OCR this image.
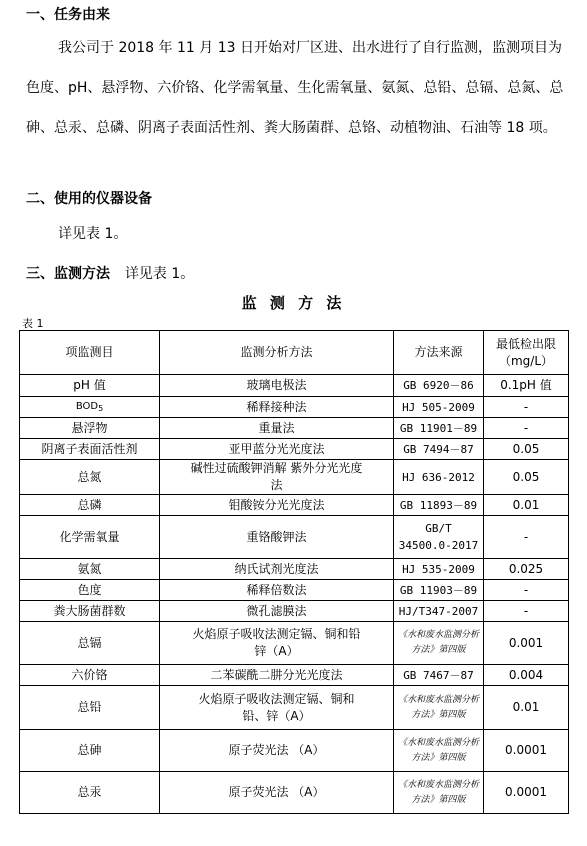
一、任务由来
我公司于 2018 年 11 月 13 日开始对厂区进、出水进行了自行监测，监测项目为色度、pH、悬浮物、六价铬、化学需氧量、生化需氧量、氨氮、总铅、总镉、总氮、总砷、总汞、总磷、阴离子表面活性剂、粪大肠菌群、总铬、动植物油、石油等 18 项。
二、使用的仪器设备
详见表 1。
三、监测方法 详见表 1。
监 测 方 法
表 1
项监测目	监测分析方法	方法来源	最低检出限（mg/L）
pH 值	玻璃电极法	GB 6920－86	0.1pH 值
$BOD_5$	稀释接种法	HJ 505-2009	-
悬浮物	重量法	GB 11901－89	-
阴离子表面活性剂	亚甲蓝分光光度法	GB 7494－87	0.05
总氮	碱性过硫酸钾消解 紫外分光光度法	HJ 636-2012	0.05
总磷	钼酸铵分光光度法	GB 11893－89	0.01
化学需氧量	重铬酸钾法	GB/T 34500.0-2017	-
氨氮	纳氏试剂光度法	HJ 535-2009	0.025
色度	稀释倍数法	GB 11903－89	-
粪大肠菌群数	微孔滤膜法	HJ/T347-2007	-
总镉	火焰原子吸收法测定镉、铜和铅锌（A）	《水和废水监测分析方法》第四版	0.001
六价铬	二苯碳酰二肼分光光度法	GB 7467－87	0.004
总铅	火焰原子吸收法测定镉、铜和铅、锌（A）	《水和废水监测分析方法》第四版	0.01
总砷	原子荧光法 （A）	《水和废水监测分析方法》第四版	0.0001
总汞	原子荧光法 （A）	《水和废水监测分析方法》第四版	0.0001
